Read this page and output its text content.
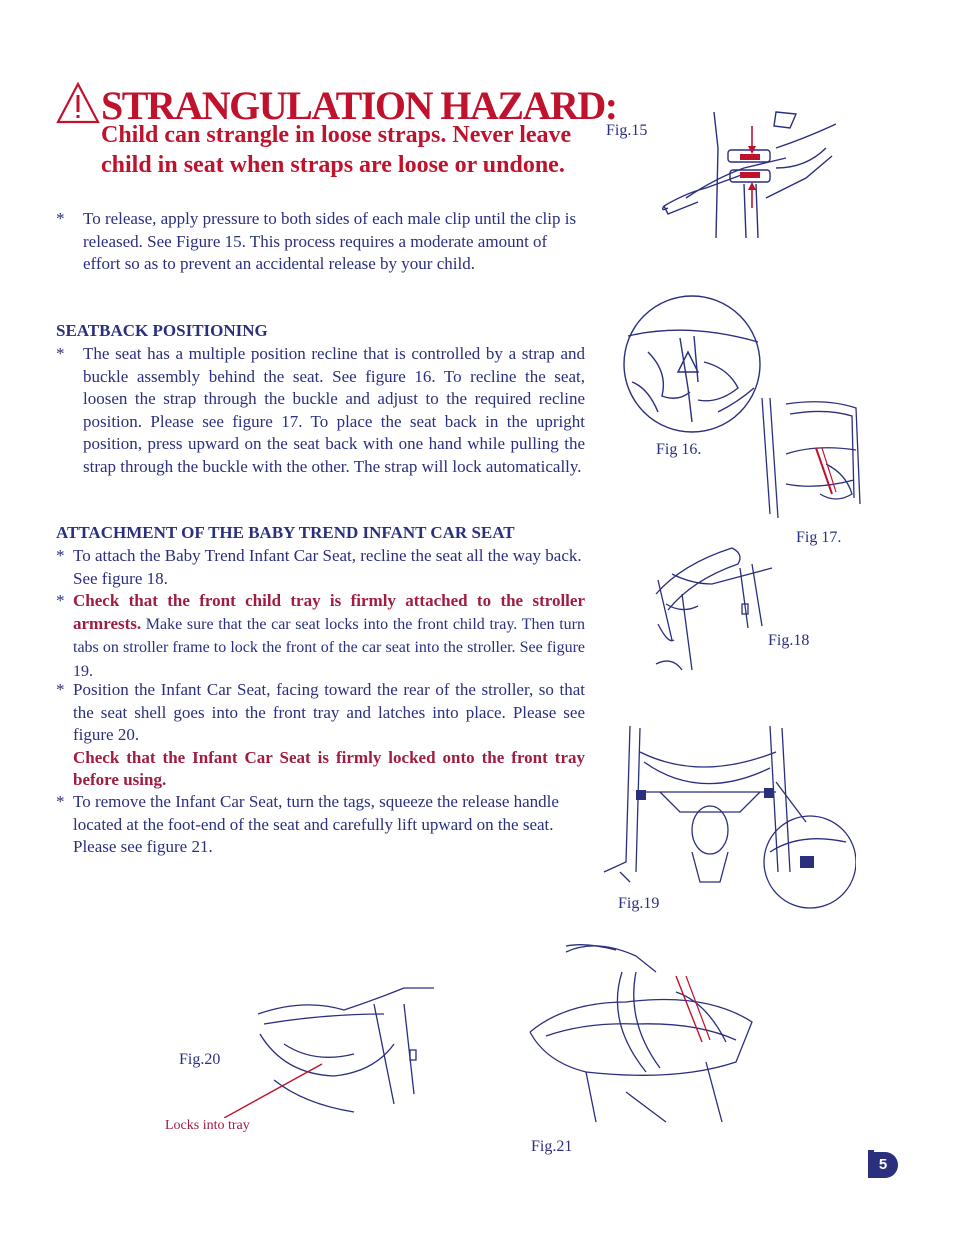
STRANGULATION HAZARD:
Child can strangle in loose straps. Never leave child in seat when straps are loose or undone.
* To release, apply pressure to both sides of each male clip until the clip is released. See Figure 15. This process requires a moderate amount of effort so as to prevent an accidental release by your child.
SEATBACK POSITIONING
* The seat has a multiple position recline that is controlled by a strap and buckle assembly behind the seat. See figure 16. To recline the seat, loosen the strap through the buckle and adjust to the required recline position. Please see figure 17. To place the seat back in the upright position, press upward on the seat back with one hand while pulling the strap through the buckle with the other. The strap will lock automatically.
ATTACHMENT OF THE BABY TREND INFANT CAR SEAT
* To attach the Baby Trend Infant Car Seat, recline the seat all the way back. See figure 18.
* Check that the front child tray is firmly attached to the stroller armrests. Make sure that the car seat locks into the front child tray. Then turn tabs on stroller frame to lock the front of the car seat into the stroller. See figure 19.
* Position the Infant Car Seat, facing toward the rear of the stroller, so that the seat shell goes into the front tray and latches into place. Please see figure 20.
Check that the Infant Car Seat is firmly locked onto the front tray before using.
* To remove the Infant Car Seat, turn the tags, squeeze the release handle located at the foot-end of the seat and carefully lift upward on the seat. Please see figure 21.
Fig.15
Fig 16.
Fig 17.
Fig.18
Fig.19
Fig.20
Fig.21
Locks into tray
5
